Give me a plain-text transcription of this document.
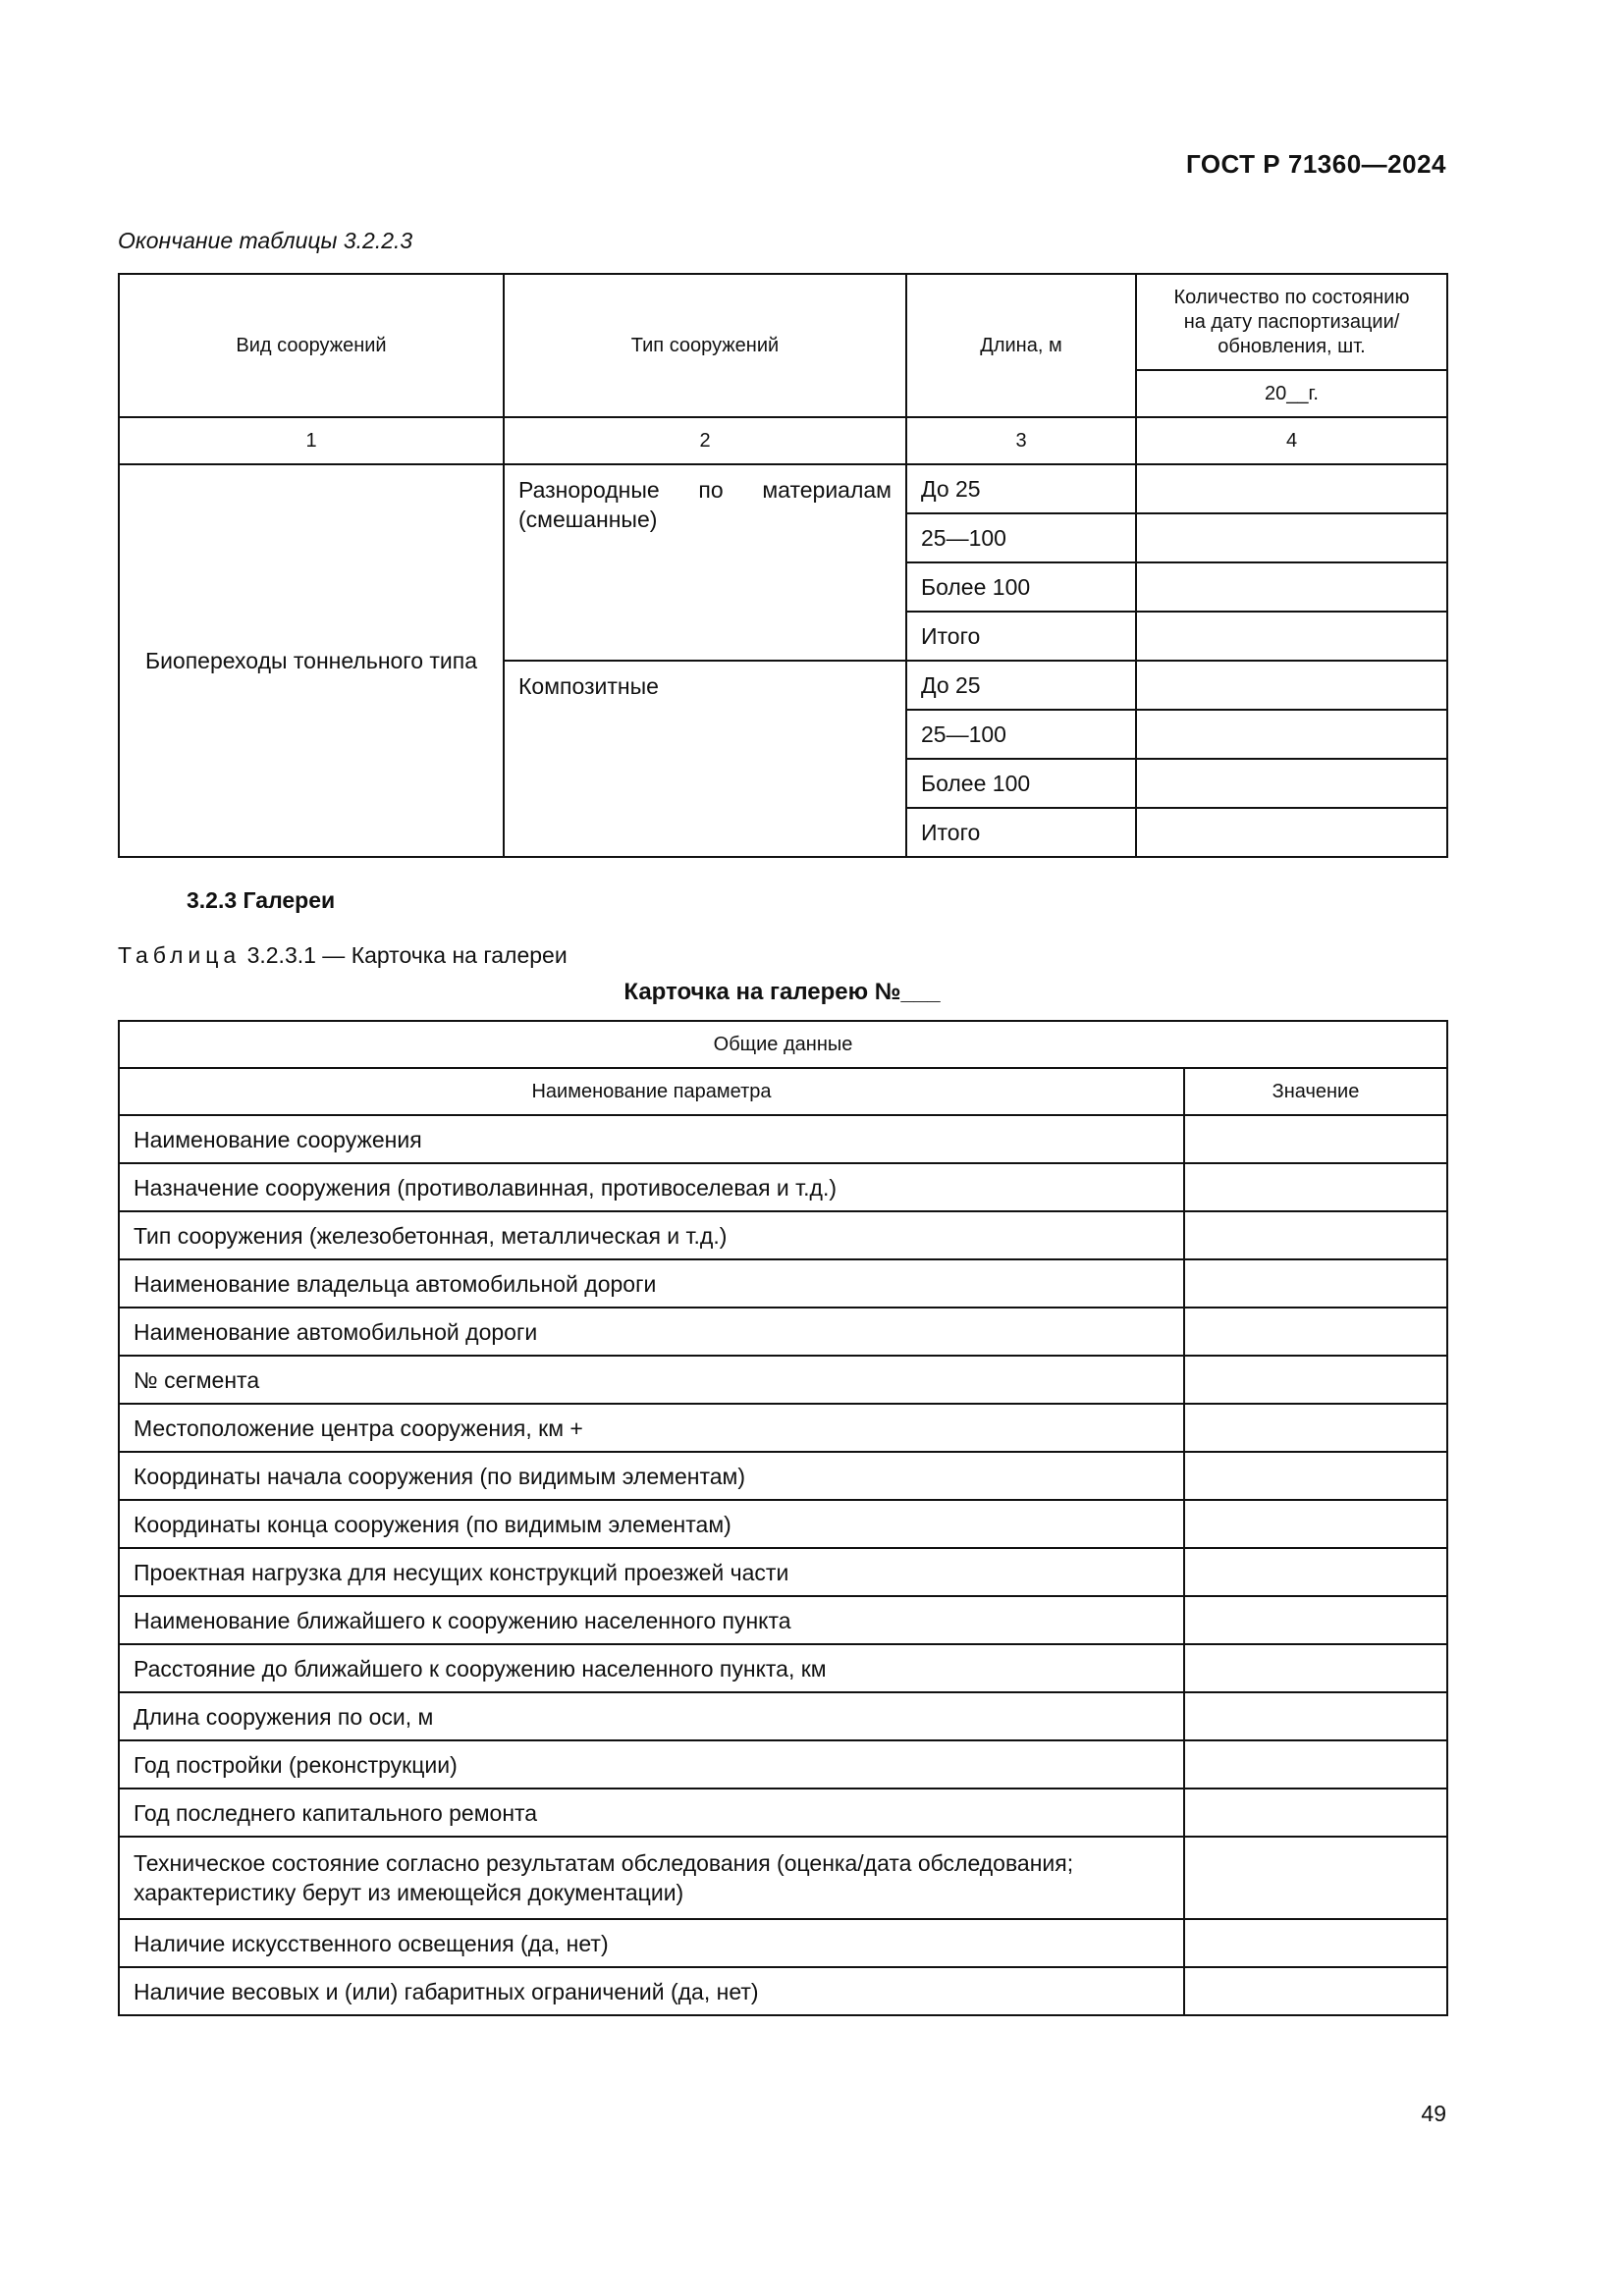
ГОСТ Р 71360—2024
Окончание таблицы 3.2.2.3
Вид сооружений	Тип сооружений	Длина, м	Количество по состоянию на дату паспортизации/ обновления, шт.
			20__г.
1	2	3	4
Биопереходы тоннельного типа	Разнородные по материалам (смешанные)	До 25	
		25—100	
		Более 100	
		Итого	
	Композитные	До 25	
		25—100	
		Более 100	
		Итого	
3.2.3 Галереи
Таблица 3.2.3.1 — Карточка на галереи
Карточка на галерею №___
Общие данные	
Наименование параметра	Значение
Наименование сооружения	
Назначение сооружения (противолавинная, противоселевая и т.д.)	
Тип сооружения (железобетонная, металлическая и т.д.)	
Наименование владельца автомобильной дороги	
Наименование автомобильной дороги	
№ сегмента	
Местоположение центра сооружения, км +	
Координаты начала сооружения (по видимым элементам)	
Координаты конца сооружения (по видимым элементам)	
Проектная нагрузка для несущих конструкций проезжей части	
Наименование ближайшего к сооружению населенного пункта	
Расстояние до ближайшего к сооружению населенного пункта, км	
Длина сооружения по оси, м	
Год постройки (реконструкции)	
Год последнего капитального ремонта	
Техническое состояние согласно результатам обследования (оценка/дата обследования; характеристику берут из имеющейся документации)	
Наличие искусственного освещения (да, нет)	
Наличие весовых и (или) габаритных ограничений (да, нет)	
49
